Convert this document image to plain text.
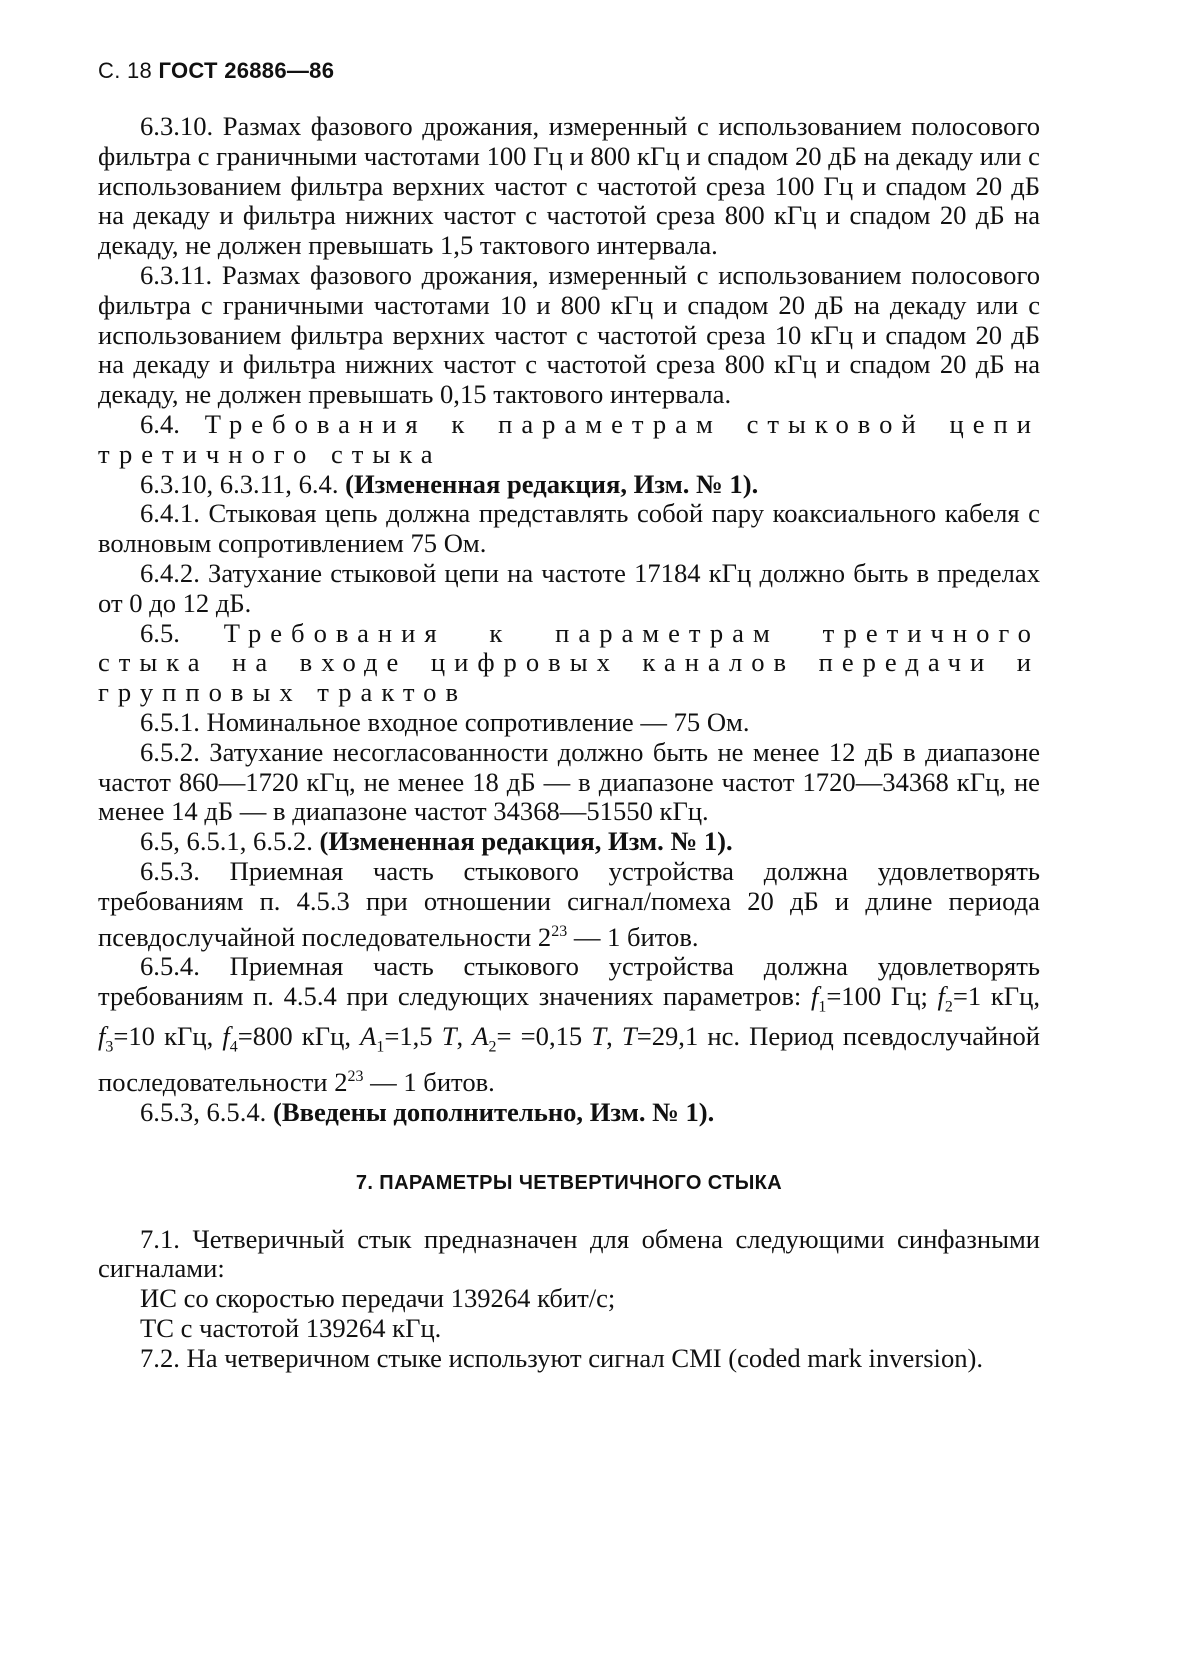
С. 18 ГОСТ 26886—86

6.3.10. Размах фазового дрожания, измеренный с использованием полосового фильтра с граничными частотами 100 Гц и 800 кГц и спадом 20 дБ на декаду или с использованием фильтра верхних частот с частотой среза 100 Гц и спадом 20 дБ на декаду и фильтра нижних частот с частотой среза 800 кГц и спадом 20 дБ на декаду, не должен превышать 1,5 тактового интервала.

6.3.11. Размах фазового дрожания, измеренный с использованием полосового фильтра с граничными частотами 10 и 800 кГц и спадом 20 дБ на декаду или с использованием фильтра верхних частот с частотой среза 10 кГц и спадом 20 дБ на декаду и фильтра нижних частот с частотой среза 800 кГц и спадом 20 дБ на декаду, не должен превышать 0,15 тактового интервала.

6.4. Требования к параметрам стыковой цепи третичного стыка

6.3.10, 6.3.11, 6.4. (Измененная редакция, Изм. № 1).

6.4.1. Стыковая цепь должна представлять собой пару коаксиального кабеля с волновым сопротивлением 75 Ом.

6.4.2. Затухание стыковой цепи на частоте 17184 кГц должно быть в пределах от 0 до 12 дБ.

6.5. Требования к параметрам третичного стыка на входе цифровых каналов передачи и групповых трактов

6.5.1. Номинальное входное сопротивление — 75 Ом.

6.5.2. Затухание несогласованности должно быть не менее 12 дБ в диапазоне частот 860—1720 кГц, не менее 18 дБ — в диапазоне частот 1720—34368 кГц, не менее 14 дБ — в диапазоне частот 34368—51550 кГц.

6.5, 6.5.1, 6.5.2. (Измененная редакция, Изм. № 1).

6.5.3. Приемная часть стыкового устройства должна удовлетворять требованиям п. 4.5.3 при отношении сигнал/помеха 20 дБ и длине периода псевдослучайной последовательности $2^{23}$ — 1 битов.

6.5.4. Приемная часть стыкового устройства должна удовлетворять требованиям п. 4.5.4 при следующих значениях параметров: $f_1=100$ Гц; $f_2=1$ кГц, $f_3=10$ кГц, $f_4=800$ кГц, $A_1=1,5$ T, $A_2= =0,15$ T, T=29,1 нс. Период псевдослучайной последовательности $2^{23}$ — 1 битов.

6.5.3, 6.5.4. (Введены дополнительно, Изм. № 1).

7. ПАРАМЕТРЫ ЧЕТВЕРТИЧНОГО СТЫКА

7.1. Четверичный стык предназначен для обмена следующими синфазными сигналами:

ИС со скоростью передачи 139264 кбит/с;

ТС с частотой 139264 кГц.

7.2. На четверичном стыке используют сигнал СМI (coded mark inversion).
